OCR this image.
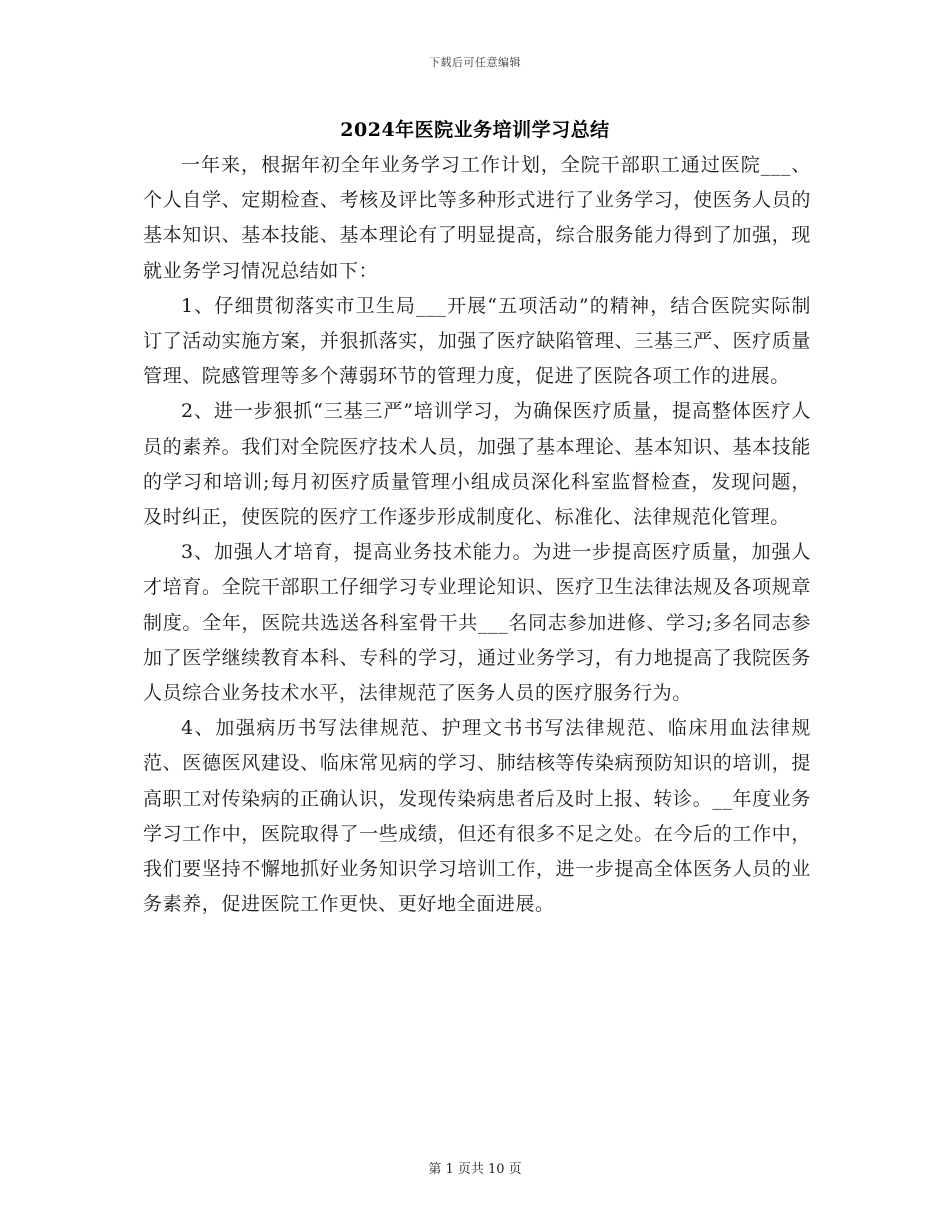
下载后可任意编辑
2024年医院业务培训学习总结

一年来，根据年初全年业务学习工作计划，全院干部职工通过医院___、个人自学、定期检查、考核及评比等多种形式进行了业务学习，使医务人员的基本知识、基本技能、基本理论有了明显提高，综合服务能力得到了加强，现就业务学习情况总结如下：

1、仔细贯彻落实市卫生局___开展“五项活动”的精神，结合医院实际制订了活动实施方案，并狠抓落实，加强了医疗缺陷管理、三基三严、医疗质量管理、院感管理等多个薄弱环节的管理力度，促进了医院各项工作的进展。

2、进一步狠抓“三基三严”培训学习，为确保医疗质量，提高整体医疗人员的素养。我们对全院医疗技术人员，加强了基本理论、基本知识、基本技能的学习和培训;每月初医疗质量管理小组成员深化科室监督检查，发现问题，及时纠正，使医院的医疗工作逐步形成制度化、标准化、法律规范化管理。

3、加强人才培育，提高业务技术能力。为进一步提高医疗质量，加强人才培育。全院干部职工仔细学习专业理论知识、医疗卫生法律法规及各项规章制度。全年，医院共选送各科室骨干共___名同志参加进修、学习;多名同志参加了医学继续教育本科、专科的学习，通过业务学习，有力地提高了我院医务人员综合业务技术水平，法律规范了医务人员的医疗服务行为。

4、加强病历书写法律规范、护理文书书写法律规范、临床用血法律规范、医德医风建设、临床常见病的学习、肺结核等传染病预防知识的培训，提高职工对传染病的正确认识，发现传染病患者后及时上报、转诊。__年度业务学习工作中，医院取得了一些成绩，但还有很多不足之处。在今后的工作中，我们要坚持不懈地抓好业务知识学习培训工作，进一步提高全体医务人员的业务素养，促进医院工作更快、更好地全面进展。

第 1 页共 10 页
